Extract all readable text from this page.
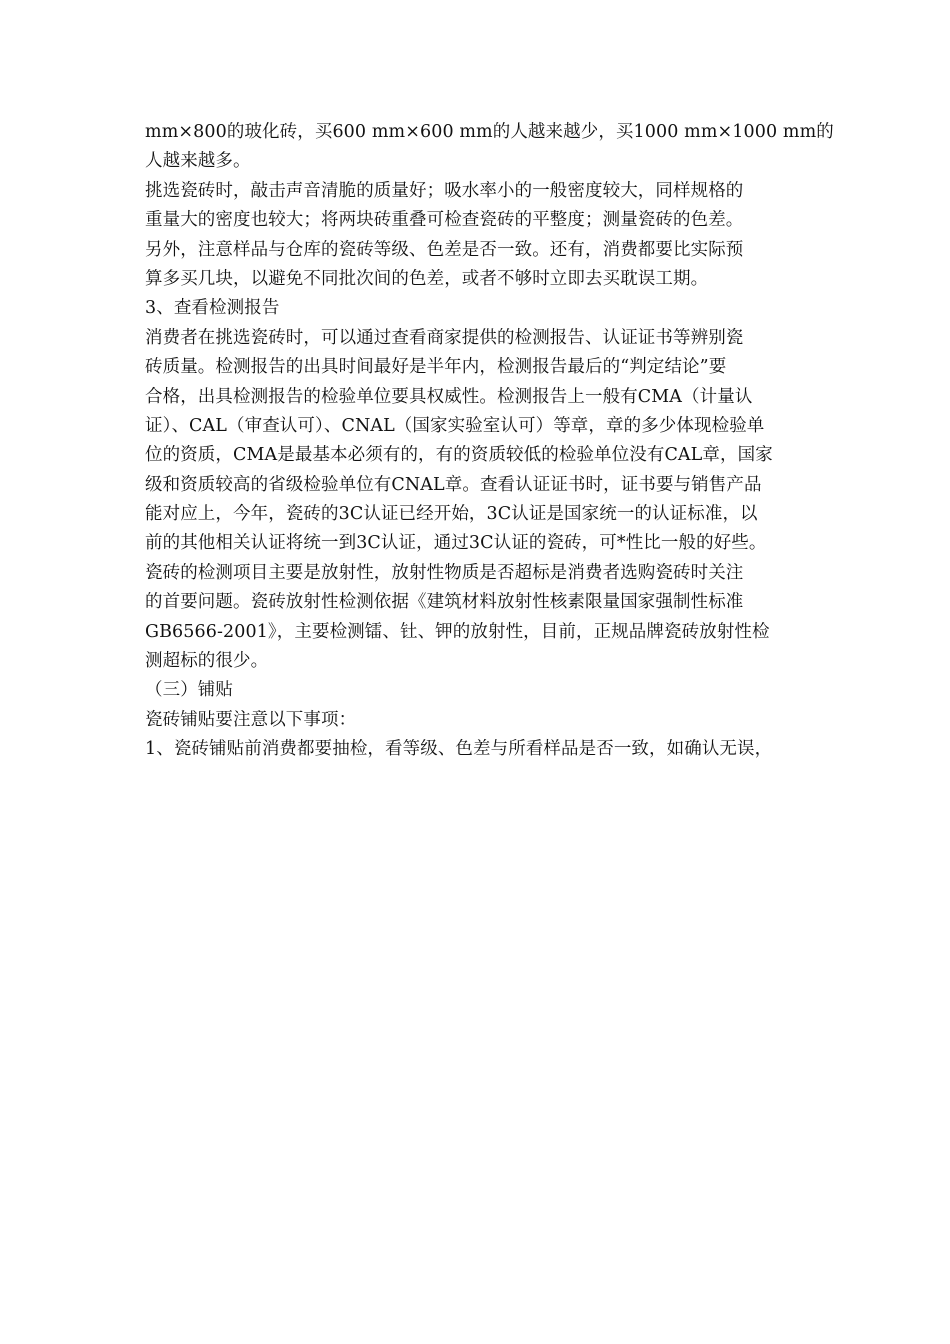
mm×800的玻化砖，买600 mm×600 mm的人越来越少，买1000 mm×1000 mm的
人越来越多。
挑选瓷砖时，敲击声音清脆的质量好；吸水率小的一般密度较大，同样规格的
重量大的密度也较大；将两块砖重叠可检查瓷砖的平整度；测量瓷砖的色差。
另外，注意样品与仓库的瓷砖等级、色差是否一致。还有，消费都要比实际预
算多买几块，以避免不同批次间的色差，或者不够时立即去买耽误工期。
3、查看检测报告
消费者在挑选瓷砖时，可以通过查看商家提供的检测报告、认证证书等辨别瓷
砖质量。检测报告的出具时间最好是半年内，检测报告最后的“判定结论”要
合格，出具检测报告的检验单位要具权威性。检测报告上一般有CMA（计量认
证）、CAL（审查认可）、CNAL（国家实验室认可）等章，章的多少体现检验单
位的资质，CMA是最基本必须有的，有的资质较低的检验单位没有CAL章，国家
级和资质较高的省级检验单位有CNAL章。查看认证证书时，证书要与销售产品
能对应上，今年，瓷砖的3C认证已经开始，3C认证是国家统一的认证标准，以
前的其他相关认证将统一到3C认证，通过3C认证的瓷砖，可*性比一般的好些。
瓷砖的检测项目主要是放射性，放射性物质是否超标是消费者选购瓷砖时关注
的首要问题。瓷砖放射性检测依据《建筑材料放射性核素限量国家强制性标准
GB6566-2001》，主要检测镭、钍、钾的放射性，目前，正规品牌瓷砖放射性检
测超标的很少。
（三）铺贴
瓷砖铺贴要注意以下事项：
1、瓷砖铺贴前消费都要抽检，看等级、色差与所看样品是否一致，如确认无误，
